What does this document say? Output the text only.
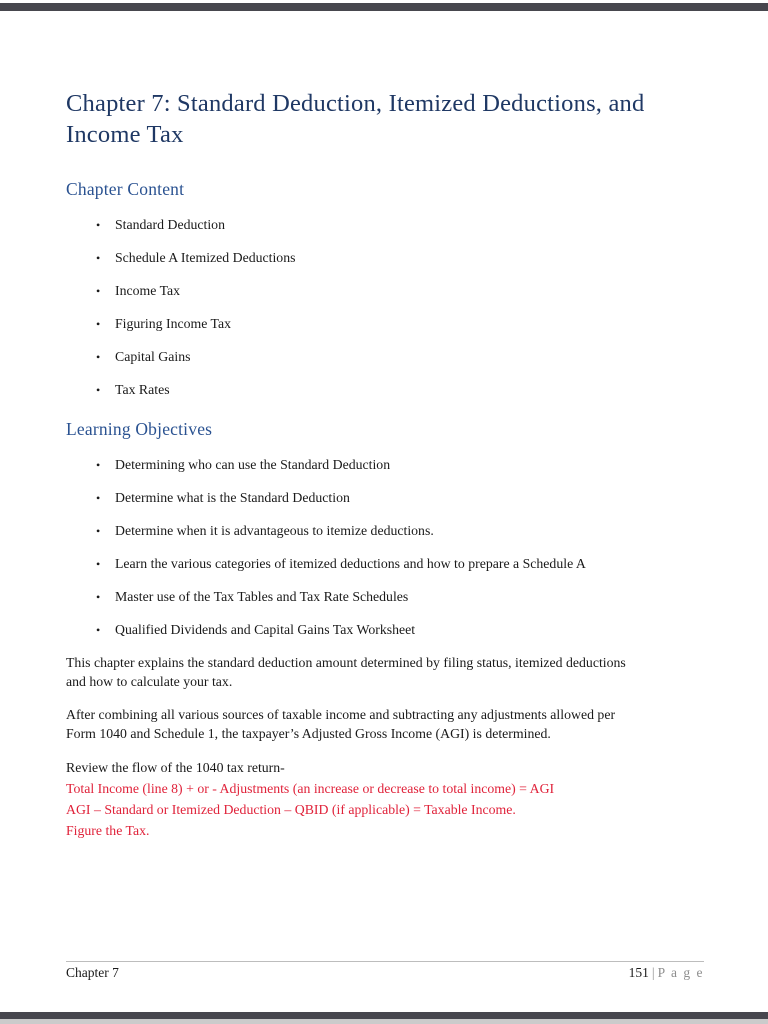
Chapter 7: Standard Deduction, Itemized Deductions, and
Income Tax
Chapter Content
• Standard Deduction
• Schedule A Itemized Deductions
• Income Tax
• Figuring Income Tax
• Capital Gains
• Tax Rates
Learning Objectives
• Determining who can use the Standard Deduction
• Determine what is the Standard Deduction
• Determine when it is advantageous to itemize deductions.
• Learn the various categories of itemized deductions and how to prepare a Schedule A
• Master use of the Tax Tables and Tax Rate Schedules
• Qualified Dividends and Capital Gains Tax Worksheet

This chapter explains the standard deduction amount determined by filing status, itemized deductions
and how to calculate your tax.

After combining all various sources of taxable income and subtracting any adjustments allowed per
Form 1040 and Schedule 1, the taxpayer’s Adjusted Gross Income (AGI) is determined.

Review the flow of the 1040 tax return-
Total Income (line 8) + or - Adjustments (an increase or decrease to total income) = AGI
AGI – Standard or Itemized Deduction – QBID (if applicable) = Taxable Income.
Figure the Tax.
Chapter 7	151 | P a g e
